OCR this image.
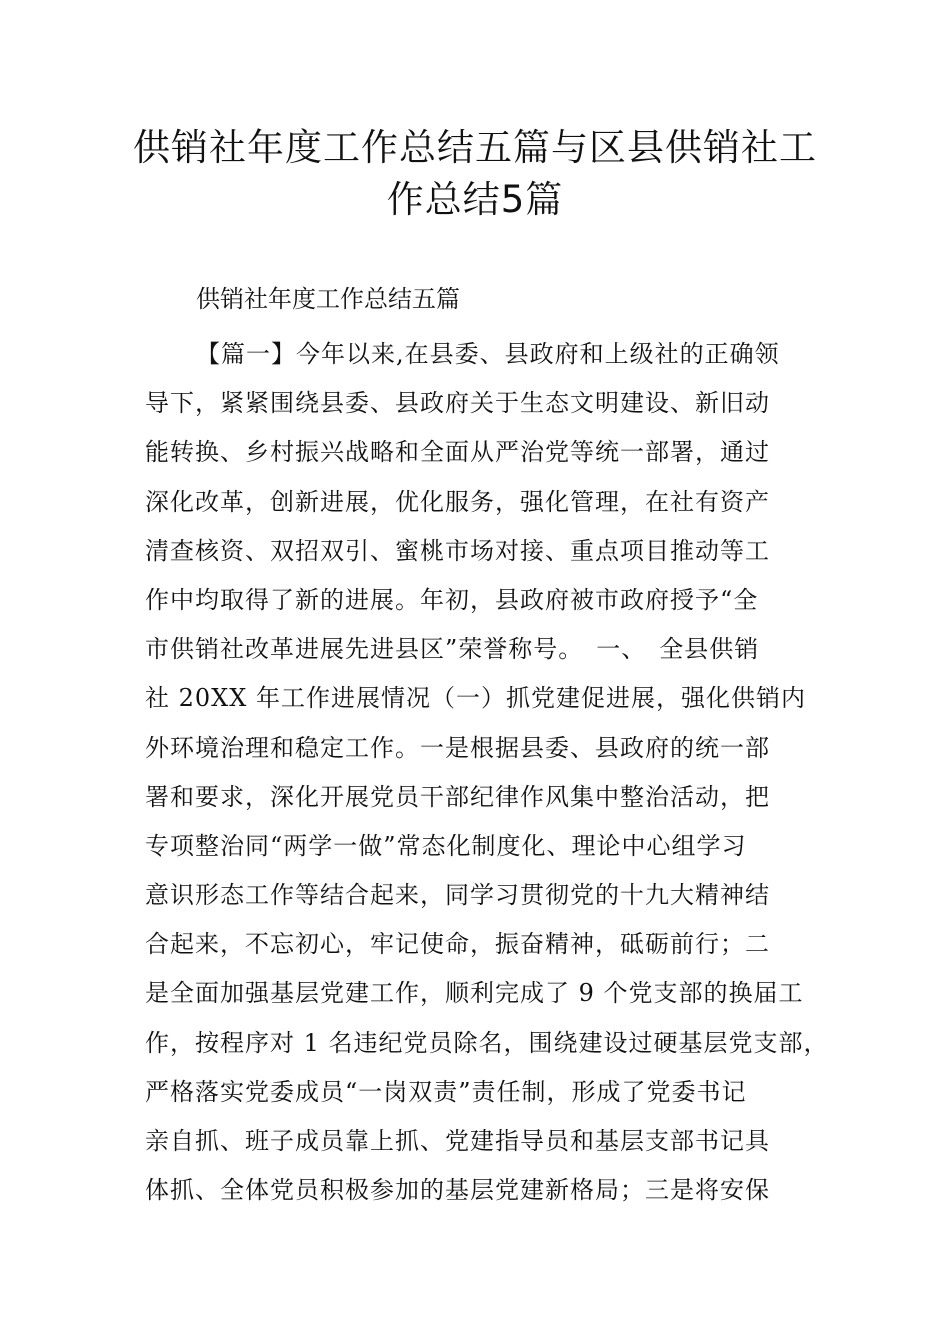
供销社年度工作总结五篇与区县供销社工
作总结5篇
供销社年度工作总结五篇
【篇一】今年以来,在县委、县政府和上级社的正确领
导下，紧紧围绕县委、县政府关于生态文明建设、新旧动
能转换、乡村振兴战略和全面从严治党等统一部署，通过
深化改革，创新进展，优化服务，强化管理，在社有资产
清查核资、双招双引、蜜桃市场对接、重点项目推动等工
作中均取得了新的进展。年初，县政府被市政府授予“全
市供销社改革进展先进县区”荣誉称号。　一、　全县供销
社 20XX 年工作进展情况（一）抓党建促进展，强化供销内
外环境治理和稳定工作。一是根据县委、县政府的统一部
署和要求，深化开展党员干部纪律作风集中整治活动，把
专项整治同“两学一做”常态化制度化、理论中心组学习
意识形态工作等结合起来，同学习贯彻党的十九大精神结
合起来，不忘初心，牢记使命，振奋精神，砥砺前行；二
是全面加强基层党建工作，顺利完成了 9 个党支部的换届工
作，按程序对 1 名违纪党员除名，围绕建设过硬基层党支部，
严格落实党委成员“一岗双责”责任制，形成了党委书记
亲自抓、班子成员靠上抓、党建指导员和基层支部书记具
体抓、全体党员积极参加的基层党建新格局；三是将安保
